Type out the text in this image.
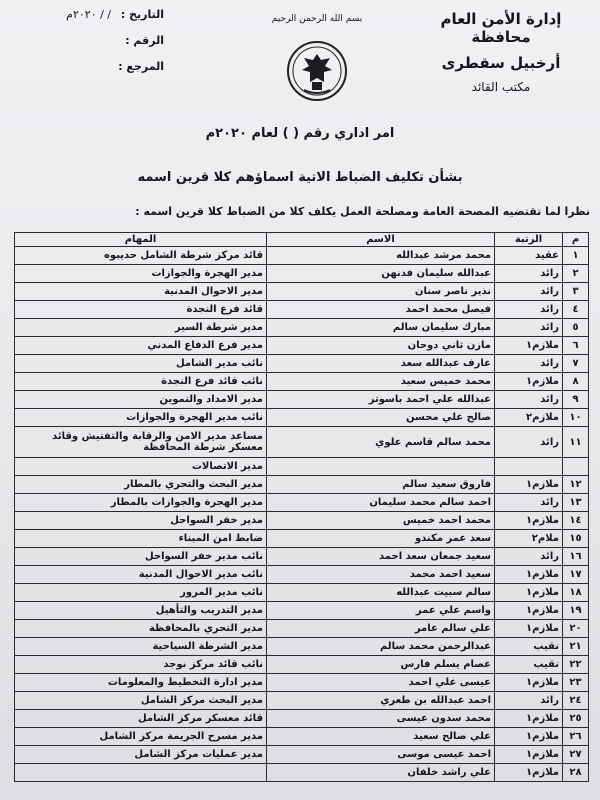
إدارة الأمن العام محافظة
أرخبيل سقطرى
مكتب القائد
بسم الله الرحمن الرحيم
التاريخ : / / ٢٠٢٠م
الرقم :
المرجع :
امر اداري رقم ( ) لعام ٢٠٢٠م
بشأن تكليف الضباط الاتية اسماؤهم كلا قرين اسمه
نظرا لما تقتضيه المصحة العامة ومصلحة العمل يكلف كلا من الضباط كلا قرين اسمه :
م	الرتبة	الاسم	المهام
١	عقيد	محمد مرشد عبدالله	قائد مركز شرطة الشامل حديبوه
٢	رائد	عبدالله سليمان فدنهن	مدير الهجرة والجوازات
٣	رائد	نذير ناصر سنان	مدير الاحوال المدنية
٤	رائد	فيصل محمد احمد	قائد فرع النجدة
٥	رائد	مبارك سليمان سالم	مدير شرطة السير
٦	ملازم١	مازن ثاني دوحان	مدير فرع الدفاع المدني
٧	رائد	عارف عبدالله سعد	نائب مدير الشامل
٨	ملازم١	محمد خميس سعيد	نائب قائد فرع النجدة
٩	رائد	عبدالله علي احمد باسوتر	مدير الامداد والتموين
١٠	ملازم٢	صالح علي محسن	نائب مدير الهجرة والجوازات
١١	رائد	محمد سالم قاسم علوي	مساعد مدير الامن والرقابة والتفتيش وقائد معسكر شرطة المحافظة
			مدير الاتصالات
١٢	ملازم١	فاروق سعيد سالم	مدير البحث والتحري بالمطار
١٣	رائد	احمد سالم محمد سليمان	مدير الهجرة والجوازات بالمطار
١٤	ملازم١	محمد احمد خميس	مدير خفر السواحل
١٥	ملام٢	سعد عمر مكندو	ضابط امن الميناء
١٦	رائد	سعيد جمعان سعد احمد	نائب مدير خفر السواحل
١٧	ملازم١	سعيد احمد محمد	نائب مدير الاحوال المدنية
١٨	ملازم١	سالم سبيت عبدالله	نائب مدير المرور
١٩	ملازم١	واسم علي عمر	مدير التدريب والتأهيل
٢٠	ملازم١	علي سالم عامر	مدير التحري بالمحافظة
٢١	نقيب	عبدالرحمن محمد سالم	مدير الشرطة السياحية
٢٢	نقيب	عصام يسلم فارس	نائب قائد مركز نوجد
٢٣	ملازم١	عيسى علي احمد	مدير ادارة التخطيط والمعلومات
٢٤	رائد	احمد عبدالله بن طعري	مدير البحث مركز الشامل
٢٥	ملازم١	محمد سدون عيسى	قائد معسكر مركز الشامل
٢٦	ملازم١	علي صالح سعيد	مدير مسرح الجريمة مركز الشامل
٢٧	ملازم١	احمد عيسى موسى	مدير عمليات مركز الشامل
٢٨	ملازم١	علي راشد خلفان	
